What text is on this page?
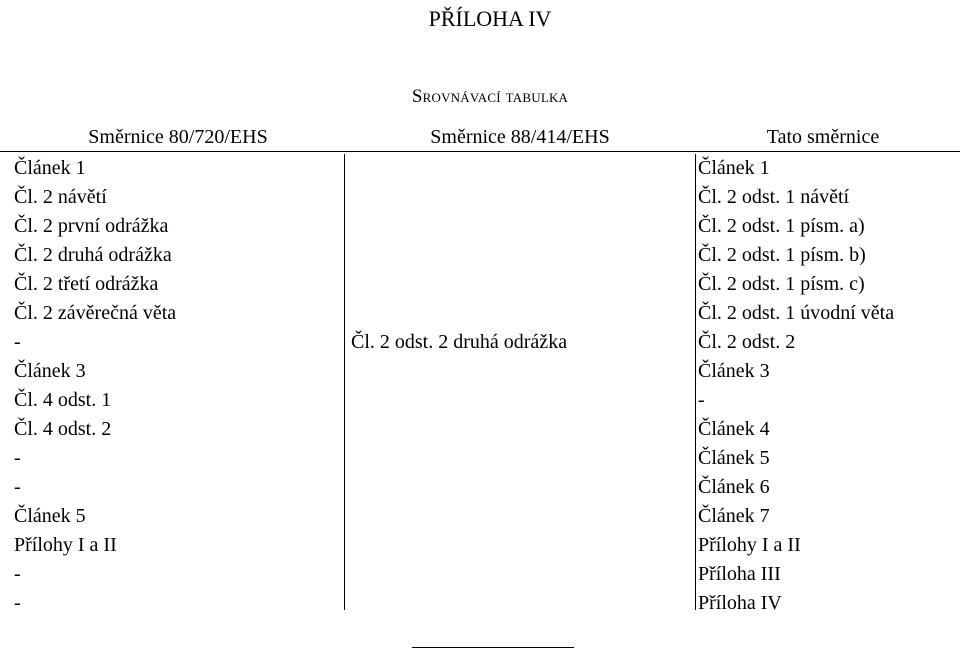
PŘÍLOHA IV
Srovnávací tabulka
Směrnice 80/720/EHS	Směrnice 88/414/EHS	Tato směrnice
Článek 1
Čl. 2 návětí
Čl. 2 první odrážka
Čl. 2 druhá odrážka
Čl. 2 třetí odrážka
Čl. 2 závěrečná věta
-
Článek 3
Čl. 4 odst. 1
Čl. 4 odst. 2
-
-
Článek 5
Přílohy I a II
-
-
Čl. 2 odst. 2 druhá odrážka
Článek 1
Čl. 2 odst. 1 návětí
Čl. 2 odst. 1 písm. a)
Čl. 2 odst. 1 písm. b)
Čl. 2 odst. 1 písm. c)
Čl. 2 odst. 1 úvodní věta
Čl. 2 odst. 2
Článek 3
-
Článek 4
Článek 5
Článek 6
Článek 7
Přílohy I a II
Příloha III
Příloha IV
